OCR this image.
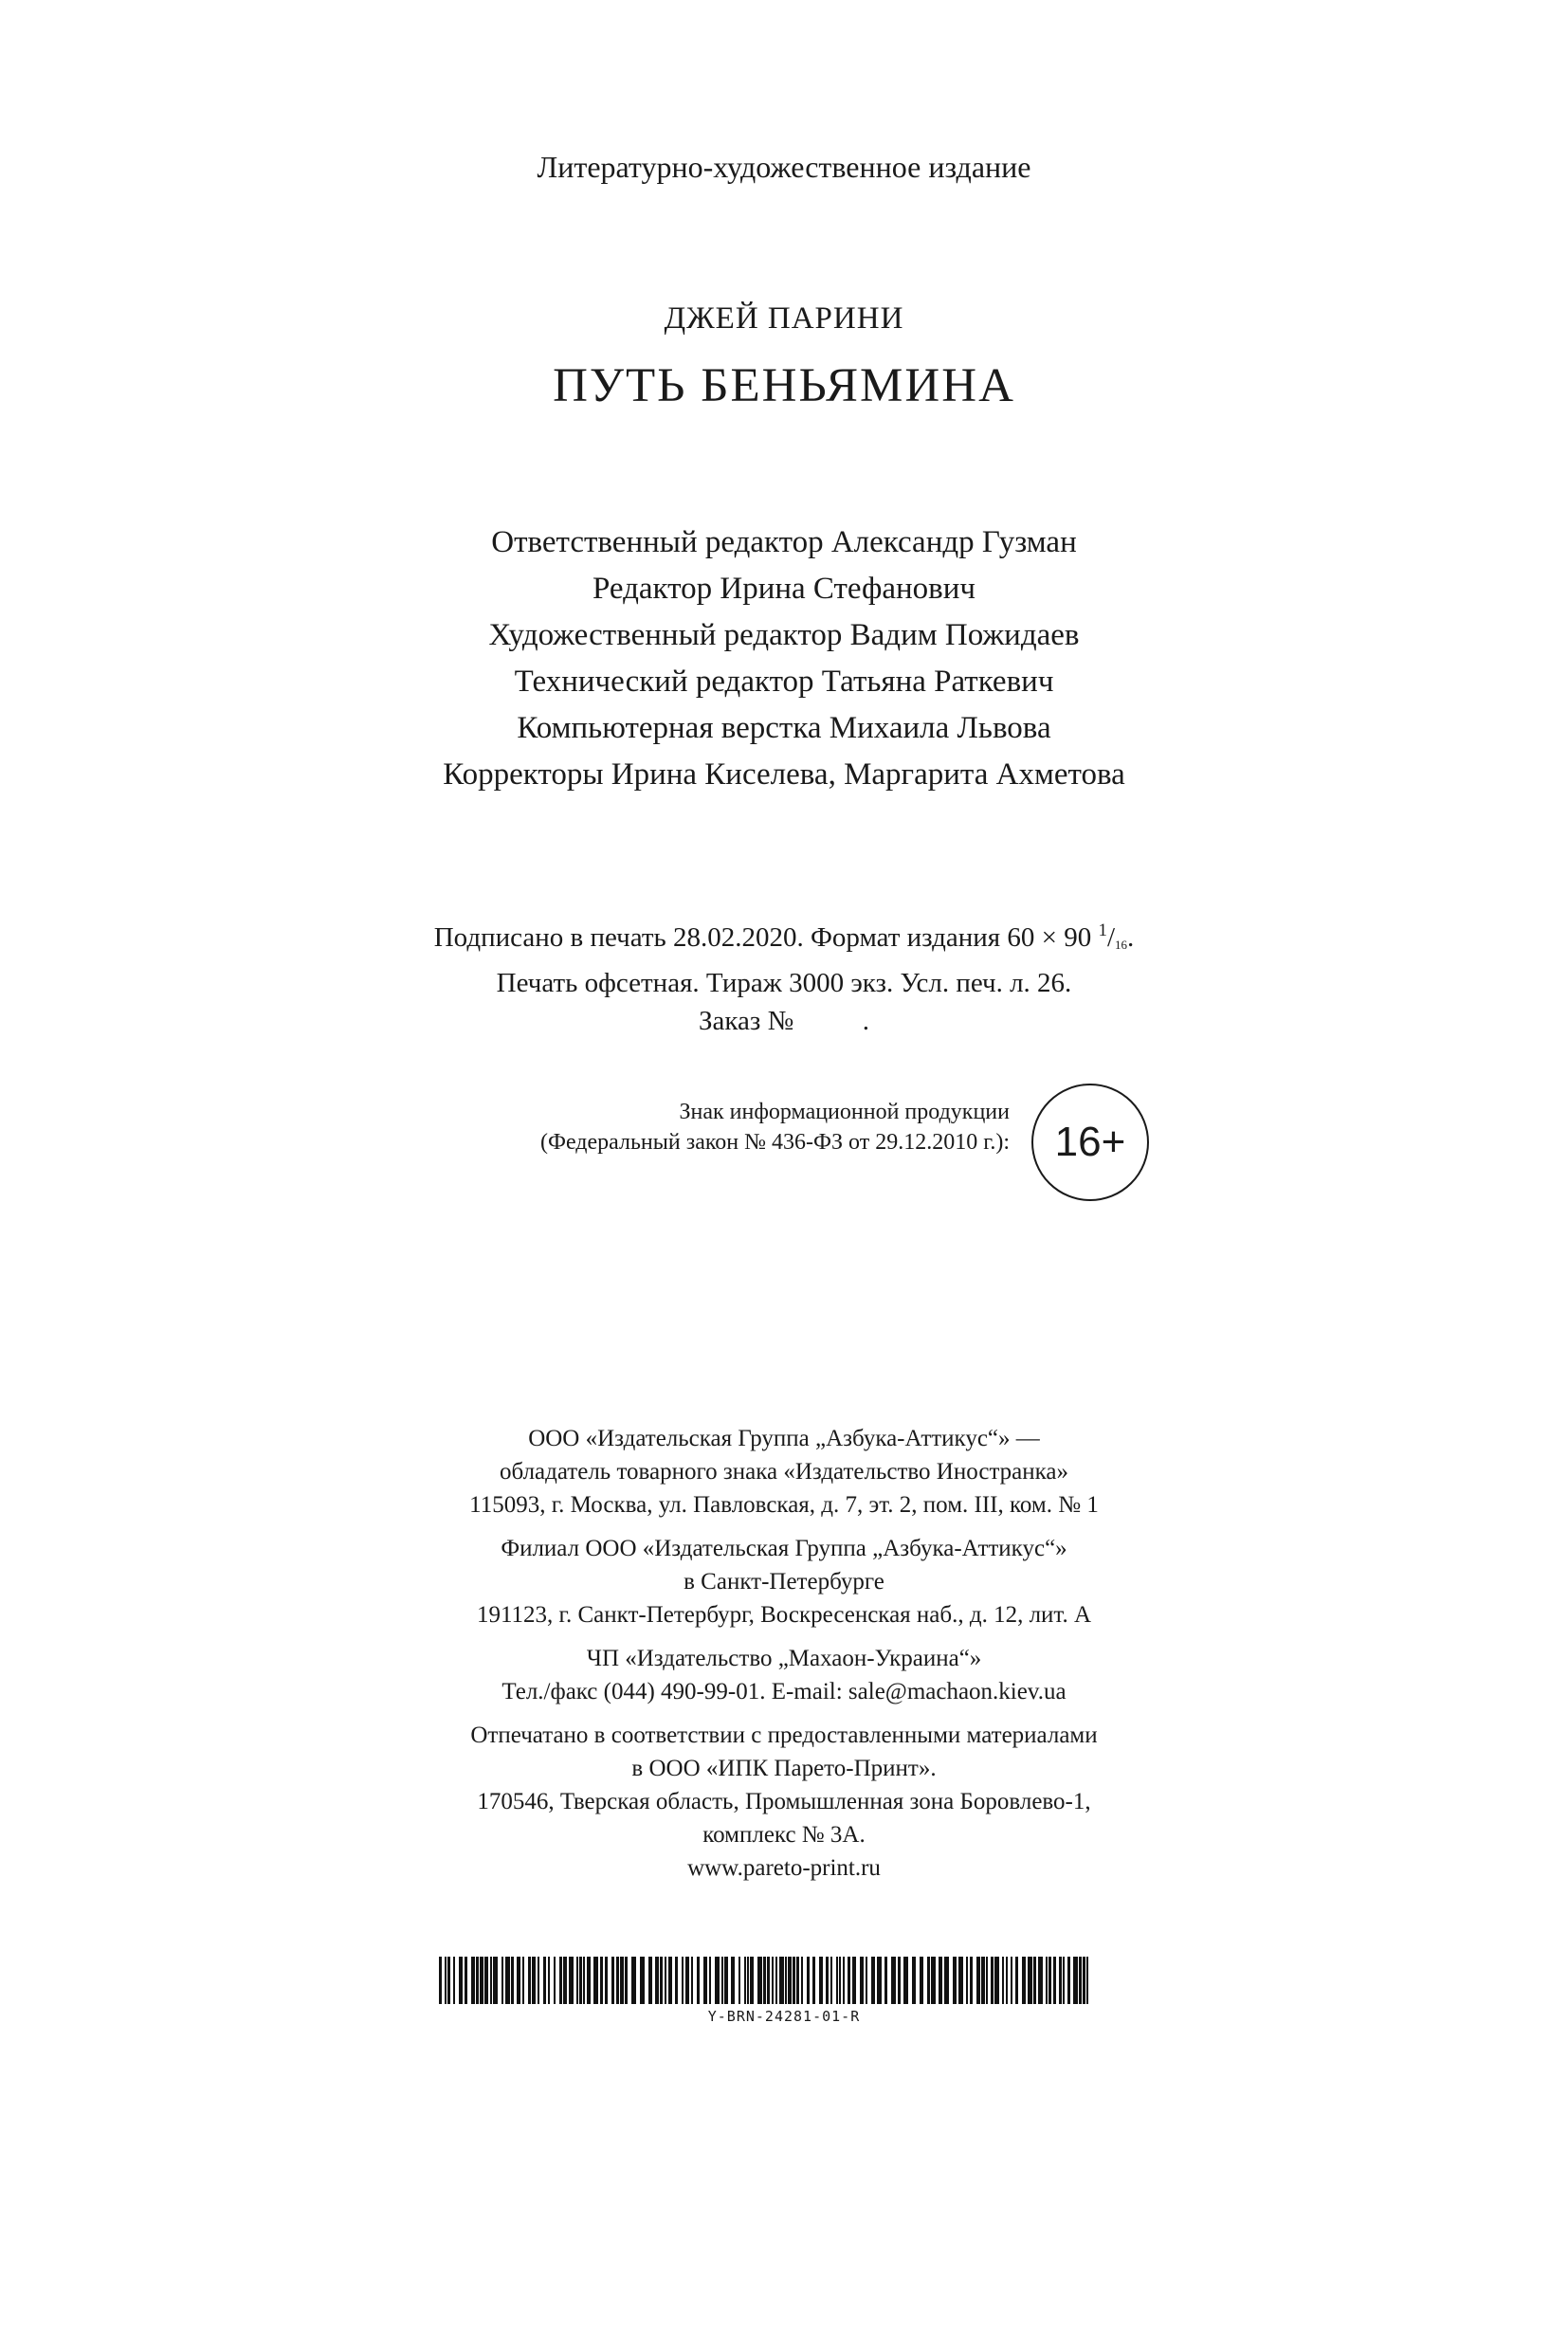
Литературно-художественное издание
ДЖЕЙ ПАРИНИ
ПУТЬ БЕНЬЯМИНА
Ответственный редактор Александр Гузман
Редактор Ирина Стефанович
Художественный редактор Вадим Пожидаев
Технический редактор Татьяна Раткевич
Компьютерная верстка Михаила Львова
Корректоры Ирина Киселева, Маргарита Ахметова
Подписано в печать 28.02.2020. Формат издания 60 × 90 $^1/_{16}$.
Печать офсетная. Тираж 3000 экз. Усл. печ. л. 26.
Заказ №          .
Знак информационной продукции
(Федеральный закон № 436-ФЗ от 29.12.2010 г.):	16+
ООО «Издательская Группа „Азбука-Аттикус“» —
обладатель товарного знака «Издательство Иностранка»
115093, г. Москва, ул. Павловская, д. 7, эт. 2, пом. III, ком. № 1
Филиал ООО «Издательская Группа „Азбука-Аттикус“»
в Санкт-Петербурге
191123, г. Санкт-Петербург, Воскресенская наб., д. 12, лит. А
ЧП «Издательство „Махаон-Украина“»
Тел./факс (044) 490-99-01. E-mail: sale@machaon.kiev.ua
Отпечатано в соответствии с предоставленными материалами
в ООО «ИПК Парето-Принт».
170546, Тверская область, Промышленная зона Боровлево-1,
комплекс № 3А.
www.pareto-print.ru
Y-BRN-24281-01-R
